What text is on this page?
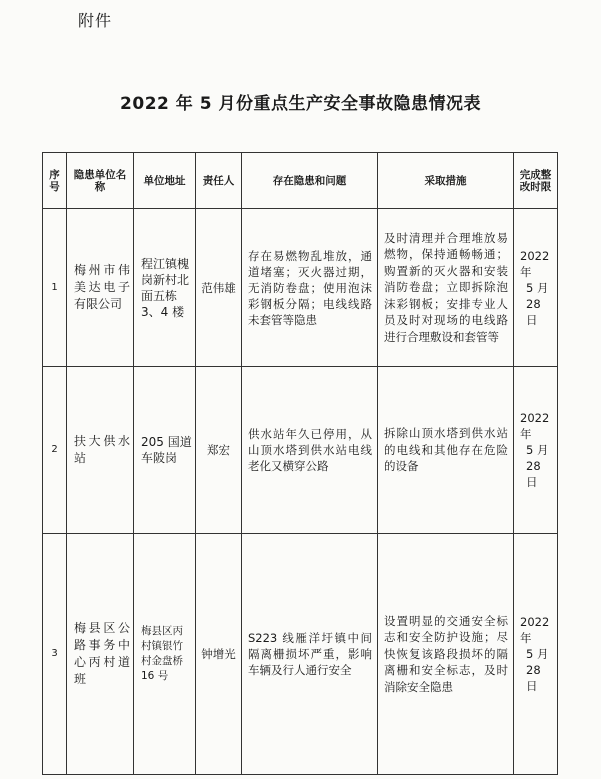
附件
2022 年 5 月份重点生产安全事故隐患情况表
序号	隐患单位名称	单位地址	责任人	存在隐患和问题	采取措施	完成整改时限
1	梅州市伟美达电子有限公司	程江镇槐岗新村北面五栋 3、4 楼	范伟雄	存在易燃物乱堆放，通道堵塞；灭火器过期，无消防卷盘；使用泡沫彩钢板分隔；电线线路未套管等隐患	及时清理并合理堆放易燃物，保持通畅畅通；购置新的灭火器和安装消防卷盘；立即拆除泡沫彩钢板；安排专业人员及时对现场的电线路进行合理敷设和套管等	2022 年
5 月
28 日

2	扶大供水站	205 国道车陂岗	郑宏	供水站年久已停用，从山顶水塔到供水站电线老化又横穿公路	拆除山顶水塔到供水站的电线和其他存在危险的设备	2022 年
5 月
28 日

3	梅县区公路事务中心丙村道班	梅县区丙村镇银竹村金盘桥 16 号	钟增光	S223 线雁洋圩镇中间隔离栅损坏严重，影响车辆及行人通行安全	设置明显的交通安全标志和安全防护设施；尽快恢复该路段损坏的隔离栅和安全标志，及时消除安全隐患	2022 年
5 月
28 日
